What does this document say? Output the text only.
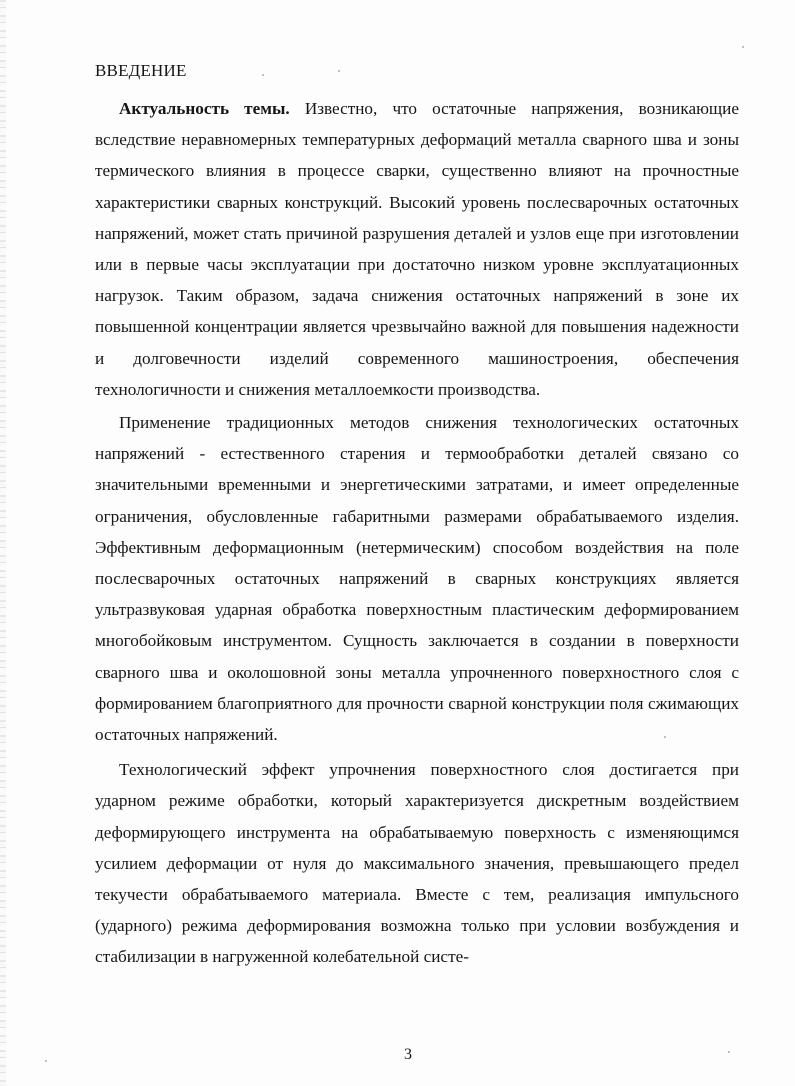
ВВЕДЕНИЕ

Актуальность темы. Известно, что остаточные напряжения, возникающие вследствие неравномерных температурных деформаций металла сварного шва и зоны термического влияния в процессе сварки, существенно влияют на прочностные характеристики сварных конструкций. Высокий уровень послесварочных остаточных напряжений, может стать причиной разрушения деталей и узлов еще при изготовлении или в первые часы эксплуатации при достаточно низком уровне эксплуатационных нагрузок. Таким образом, задача снижения остаточных напряжений в зоне их повышенной концентрации является чрезвычайно важной для повышения надежности и долговечности изделий современного машиностроения, обеспечения технологичности и снижения металлоемкости производства.

Применение традиционных методов снижения технологических остаточных напряжений - естественного старения и термообработки деталей связано со значительными временными и энергетическими затратами, и имеет определенные ограничения, обусловленные габаритными размерами обрабатываемого изделия. Эффективным деформационным (нетермическим) способом воздействия на поле послесварочных остаточных напряжений в сварных конструкциях является ультразвуковая ударная обработка поверхностным пластическим деформированием многобойковым инструментом. Сущность заключается в создании в поверхности сварного шва и околошовной зоны металла упрочненного поверхностного слоя с формированием благоприятного для прочности сварной конструкции поля сжимающих остаточных напряжений.

Технологический эффект упрочнения поверхностного слоя достигается при ударном режиме обработки, который характеризуется дискретным воздействием деформирующего инструмента на обрабатываемую поверхность с изменяющимся усилием деформации от нуля до максимального значения, превышающего предел текучести обрабатываемого материала. Вместе с тем, реализация импульсного (ударного) режима деформирования возможна только при условии возбуждения и стабилизации в нагруженной колебательной систе-

3
